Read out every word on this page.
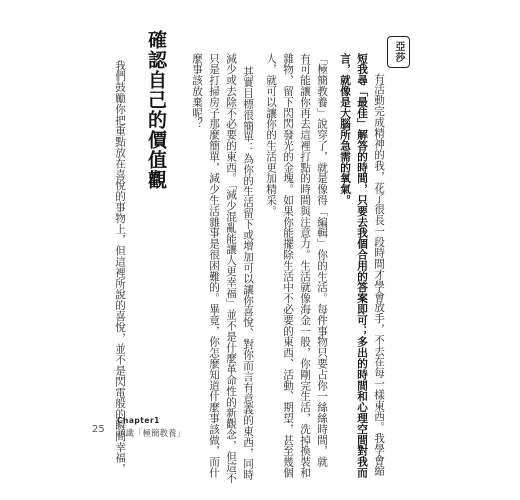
亞莎
有活動完成精神的我，花了很長一段時間才學會放手，不去在每一樣東西。我學會縮
短我尋「最佳」解答的時間，只要去我個合用的答案即可；多出的時間和心理空間對我而
言，就像是大腦所急需的氧氣。
「極簡教養」說穿了，就是像得「編輯」你的生活。每件事物只要占你一絲絲時間，就
有可能讓你再去這裡打點的時間與注意力。生活就像海金一般，你剛完生活，洗掉換裝和
雜物，留下閃閃發光的金塊。如果你能擺除生活中不必要的東西、活動、期望，甚至幾個
人，就可以讓你的生活更加精采。
其實目標很簡單：為你的生活留下或增加可以讓你喜悅、對你而言有意義的東西，同時
減少或去除不必要的東西。「減少混亂能讓人更幸福」並不是什麼革命性的新觀念，但這不
只是打掃房子那麼簡單，減少生活雜事是很困難的。畢竟，你怎麼知道什麼事該做，而什
麼事該放棄呢？
確認自己的價值觀
我們鼓勵你把重點放在喜悅的事物上，但這裡所說的喜悅，並不是閃電般的瞬間幸福，
25
Chapter1
認識「極簡教養」
